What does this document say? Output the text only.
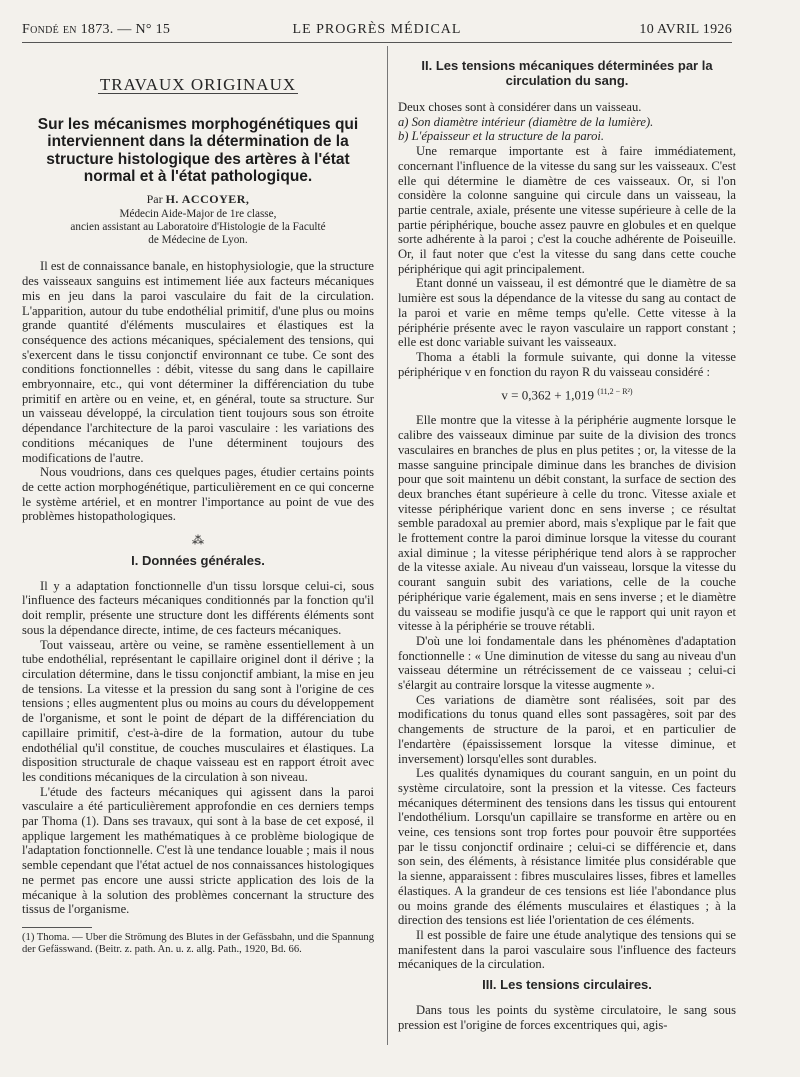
Fondé en 1873. — N° 15	LE PROGRÈS MÉDICAL	10 AVRIL 1926
TRAVAUX ORIGINAUX
Sur les mécanismes morphogénétiques qui interviennent dans la détermination de la structure histologique des artères à l'état normal et à l'état pathologique.
Par H. ACCOYER,
Médecin Aide-Major de 1re classe,
ancien assistant au Laboratoire d'Histologie de la Faculté
de Médecine de Lyon.

Il est de connaissance banale, en histophysiologie, que la structure des vaisseaux sanguins est intimement liée aux facteurs mécaniques mis en jeu dans la paroi vasculaire du fait de la circulation. L'apparition, autour du tube endothélial primitif, d'une plus ou moins grande quantité d'éléments musculaires et élastiques est la conséquence des actions mécaniques, spécialement des tensions, qui s'exercent dans le tissu conjonctif environnant ce tube. Ce sont des conditions fonctionnelles : débit, vitesse du sang dans le capillaire embryonnaire, etc., qui vont déterminer la différenciation du tube primitif en artère ou en veine, et, en général, toute sa structure. Sur un vaisseau développé, la circulation tient toujours sous son étroite dépendance l'architecture de la paroi vasculaire : les variations des conditions mécaniques de l'une déterminent toujours des modifications de l'autre.

Nous voudrions, dans ces quelques pages, étudier certains points de cette action morphogénétique, particulièrement en ce qui concerne le système artériel, et en montrer l'importance au point de vue des problèmes histopathologiques.

⁂
I. Données générales.

Il y a adaptation fonctionnelle d'un tissu lorsque celui-ci, sous l'influence des facteurs mécaniques conditionnés par la fonction qu'il doit remplir, présente une structure dont les différents éléments sont sous la dépendance directe, intime, de ces facteurs mécaniques.

Tout vaisseau, artère ou veine, se ramène essentiellement à un tube endothélial, représentant le capillaire originel dont il dérive ; la circulation détermine, dans le tissu conjonctif ambiant, la mise en jeu de tensions. La vitesse et la pression du sang sont à l'origine de ces tensions ; elles augmentent plus ou moins au cours du développement de l'organisme, et sont le point de départ de la différenciation du capillaire primitif, c'est-à-dire de la formation, autour du tube endothélial qu'il constitue, de couches musculaires et élastiques. La disposition structurale de chaque vaisseau est en rapport étroit avec les conditions mécaniques de la circulation à son niveau.

L'étude des facteurs mécaniques qui agissent dans la paroi vasculaire a été particulièrement approfondie en ces derniers temps par Thoma (1). Dans ses travaux, qui sont à la base de cet exposé, il applique largement les mathématiques à ce problème biologique de l'adaptation fonctionnelle. C'est là une tendance louable ; mais il nous semble cependant que l'état actuel de nos connaissances histologiques ne permet pas encore une aussi stricte application des lois de la mécanique à la solution des problèmes concernant la structure des tissus de l'organisme.

(1) Thoma. — Uber die Strömung des Blutes in der Gefässbahn, und die Spannung der Gefässwand. (Beitr. z. path. An. u. z. allg. Path., 1920, Bd. 66.

II. Les tensions mécaniques déterminées par la circulation du sang.

Deux choses sont à considérer dans un vaisseau.

a) Son diamètre intérieur (diamètre de la lumière).

b) L'épaisseur et la structure de la paroi.

Une remarque importante est à faire immédiatement, concernant l'influence de la vitesse du sang sur les vaisseaux. C'est elle qui détermine le diamètre de ces vaisseaux. Or, si l'on considère la colonne sanguine qui circule dans un vaisseau, la partie centrale, axiale, présente une vitesse supérieure à celle de la partie périphérique, bouche assez pauvre en globules et en quelque sorte adhérente à la paroi ; c'est la couche adhérente de Poiseuille. Or, il faut noter que c'est la vitesse du sang dans cette couche périphérique qui agit principalement.

Etant donné un vaisseau, il est démontré que le diamètre de sa lumière est sous la dépendance de la vitesse du sang au contact de la paroi et varie en même temps qu'elle. Cette vitesse à la périphérie présente avec le rayon vasculaire un rapport constant ; elle est donc variable suivant les vaisseaux.

Thoma a établi la formule suivante, qui donne la vitesse périphérique v en fonction du rayon R du vaisseau considéré :

v = 0,362 + 1,019 $^{(11,2 - R^2)}$

Elle montre que la vitesse à la périphérie augmente lorsque le calibre des vaisseaux diminue par suite de la division des troncs vasculaires en branches de plus en plus petites ; or, la vitesse de la masse sanguine principale diminue dans les branches de division pour que soit maintenu un débit constant, la surface de section des deux branches étant supérieure à celle du tronc. Vitesse axiale et vitesse périphérique varient donc en sens inverse ; ce résultat semble paradoxal au premier abord, mais s'explique par le fait que le frottement contre la paroi diminue lorsque la vitesse du courant axial diminue ; la vitesse périphérique tend alors à se rapprocher de la vitesse axiale. Au niveau d'un vaisseau, lorsque la vitesse du courant sanguin subit des variations, celle de la couche périphérique varie également, mais en sens inverse ; et le diamètre du vaisseau se modifie jusqu'à ce que le rapport qui unit rayon et vitesse à la périphérie se trouve rétabli.

D'où une loi fondamentale dans les phénomènes d'adaptation fonctionnelle : « Une diminution de vitesse du sang au niveau d'un vaisseau détermine un rétrécissement de ce vaisseau ; celui-ci s'élargit au contraire lorsque la vitesse augmente ».

Ces variations de diamètre sont réalisées, soit par des modifications du tonus quand elles sont passagères, soit par des changements de structure de la paroi, et en particulier de l'endartère (épaississement lorsque la vitesse diminue, et inversement) lorsqu'elles sont durables.

Les qualités dynamiques du courant sanguin, en un point du système circulatoire, sont la pression et la vitesse. Ces facteurs mécaniques déterminent des tensions dans les tissus qui entourent l'endothélium. Lorsqu'un capillaire se transforme en artère ou en veine, ces tensions sont trop fortes pour pouvoir être supportées par le tissu conjonctif ordinaire ; celui-ci se différencie et, dans son sein, des éléments, à résistance limitée plus considérable que la sienne, apparaissent : fibres musculaires lisses, fibres et lamelles élastiques. A la grandeur de ces tensions est liée l'abondance plus ou moins grande des éléments musculaires et élastiques ; à la direction des tensions est liée l'orientation de ces éléments.

Il est possible de faire une étude analytique des tensions qui se manifestent dans la paroi vasculaire sous l'influence des facteurs mécaniques de la circulation.

III. Les tensions circulaires.

Dans tous les points du système circulatoire, le sang sous pression est l'origine de forces excentriques qui, agis-
